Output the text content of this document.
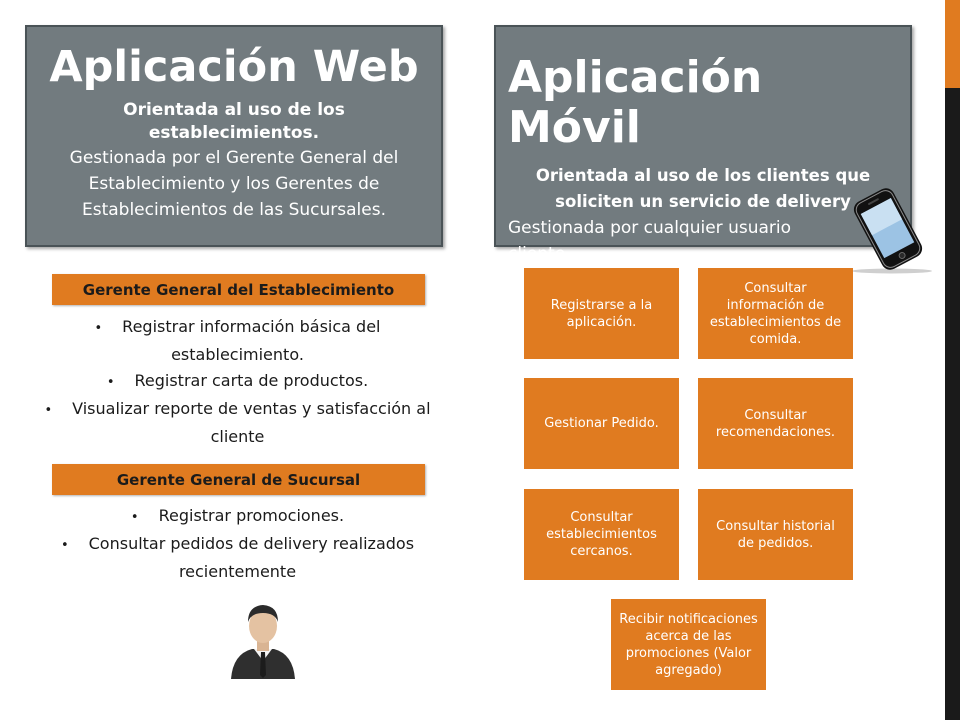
Aplicación Web
Orientada al uso de los establecimientos.
Gestionada por el Gerente General del Establecimiento y los Gerentes de Establecimientos de las Sucursales.
Aplicación Móvil
Orientada al uso de los clientes que soliciten un servicio de delivery
Gestionada por cualquier usuario cliente.
Gerente General del Establecimiento
• Registrar información básica del establecimiento.
• Registrar carta de productos.
• Visualizar reporte de ventas y satisfacción al cliente
Gerente General de Sucursal
• Registrar promociones.
• Consultar pedidos de delivery realizados recientemente
Registrarse a la aplicación.
Consultar información de establecimientos de comida.
Gestionar Pedido.
Consultar recomendaciones.
Consultar establecimientos cercanos.
Consultar historial de pedidos.
Recibir notificaciones acerca de las promociones (Valor agregado)
